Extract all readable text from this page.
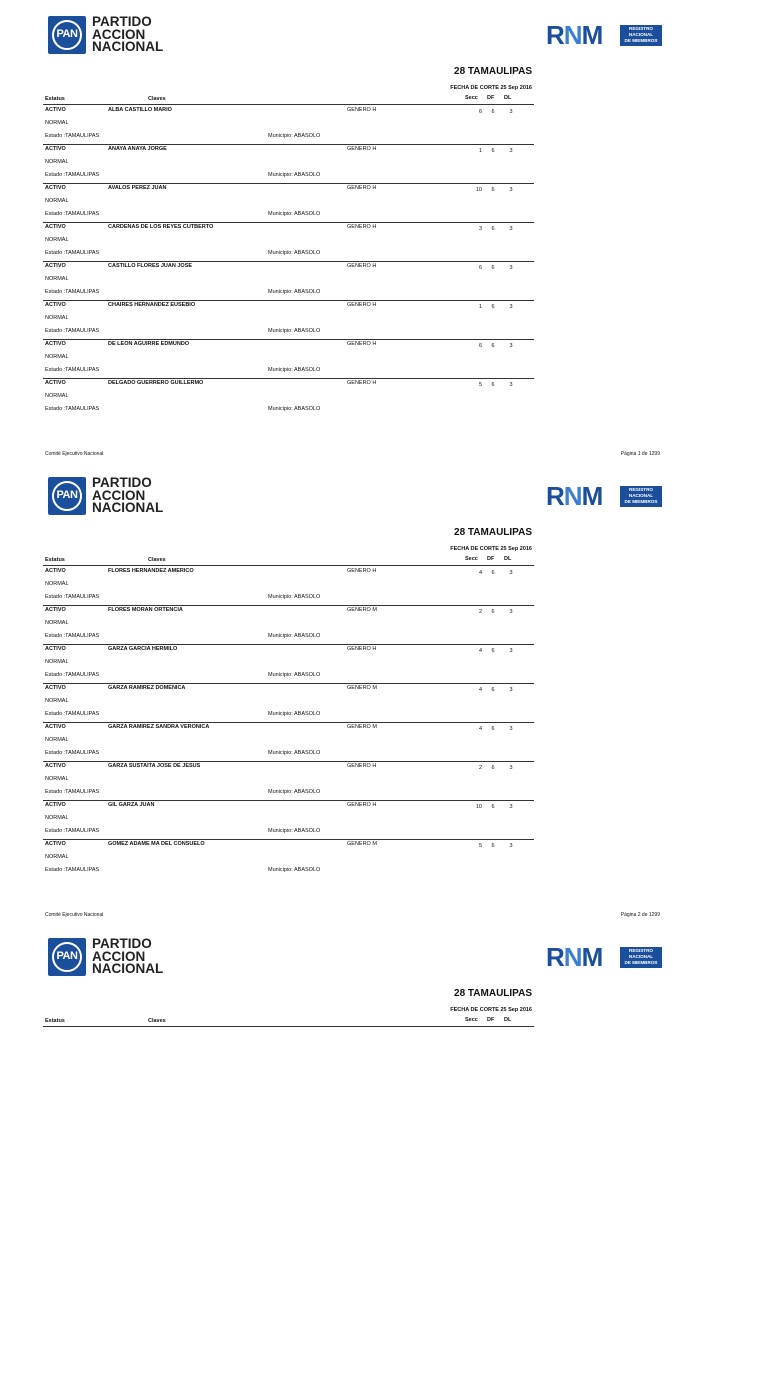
PAN
PARTIDO
ACCION
NACIONAL	RNM	REGISTRO
NACIONAL
DE MIEMBROS
28 TAMAULIPAS
FECHA DE CORTE 25 Sep 2016
Estatus	Claves	Secc DF DL
ACTIVO	ALBA CASTILLO MARIO	GENERO H	6	6	3
NORMAL
Estado :TAMAULIPAS	Municipio: ABASOLO
ACTIVO	ANAYA ANAYA JORGE	GENERO H	1	6	3
NORMAL
Estado :TAMAULIPAS	Municipio: ABASOLO
ACTIVO	AVALOS PEREZ JUAN	GENERO H	10	6	3
NORMAL
Estado :TAMAULIPAS	Municipio: ABASOLO
ACTIVO	CARDENAS DE LOS REYES CUTBERTO	GENERO H	3	6	3
NORMAL
Estado :TAMAULIPAS	Municipio: ABASOLO
ACTIVO	CASTILLO FLORES JUAN JOSE	GENERO H	6	6	3
NORMAL
Estado :TAMAULIPAS	Municipio: ABASOLO
ACTIVO	CHAIRES HERNANDEZ EUSEBIO	GENERO H	1	6	3
NORMAL
Estado :TAMAULIPAS	Municipio: ABASOLO
ACTIVO	DE LEON AGUIRRE EDMUNDO	GENERO H	6	6	3
NORMAL
Estado :TAMAULIPAS	Municipio: ABASOLO
ACTIVO	DELGADO GUERRERO GUILLERMO	GENERO H	5	6	3
NORMAL
Estado :TAMAULIPAS	Municipio: ABASOLO
Comité Ejecutivo Nacional	Página 1 de 1299
PAN
PARTIDO
ACCION
NACIONAL	RNM	REGISTRO
NACIONAL
DE MIEMBROS
28 TAMAULIPAS
FECHA DE CORTE 25 Sep 2016
Estatus	Claves	Secc DF DL
ACTIVO	FLORES HERNANDEZ AMERICO	GENERO H	4	6	3
NORMAL
Estado :TAMAULIPAS	Municipio: ABASOLO
ACTIVO	FLORES MORAN ORTENCIA	GENERO M	2	6	3
NORMAL
Estado :TAMAULIPAS	Municipio: ABASOLO
ACTIVO	GARZA GARCIA HERMILO	GENERO H	4	6	3
NORMAL
Estado :TAMAULIPAS	Municipio: ABASOLO
ACTIVO	GARZA RAMIREZ DOMENICA	GENERO M	4	6	3
NORMAL
Estado :TAMAULIPAS	Municipio: ABASOLO
ACTIVO	GARZA RAMIREZ SANDRA VERONICA	GENERO M	4	6	3
NORMAL
Estado :TAMAULIPAS	Municipio: ABASOLO
ACTIVO	GARZA SUSTAITA JOSE DE JESUS	GENERO H	2	6	3
NORMAL
Estado :TAMAULIPAS	Municipio: ABASOLO
ACTIVO	GIL GARZA JUAN	GENERO H	10	6	3
NORMAL
Estado :TAMAULIPAS	Municipio: ABASOLO
ACTIVO	GOMEZ ADAME MA DEL CONSUELO	GENERO M	5	6	3
NORMAL
Estado :TAMAULIPAS	Municipio: ABASOLO
Comité Ejecutivo Nacional	Página 2 de 1299
PAN
PARTIDO
ACCION
NACIONAL	RNM	REGISTRO
NACIONAL
DE MIEMBROS
28 TAMAULIPAS
FECHA DE CORTE 25 Sep 2016
Estatus	Claves	Secc DF DL
